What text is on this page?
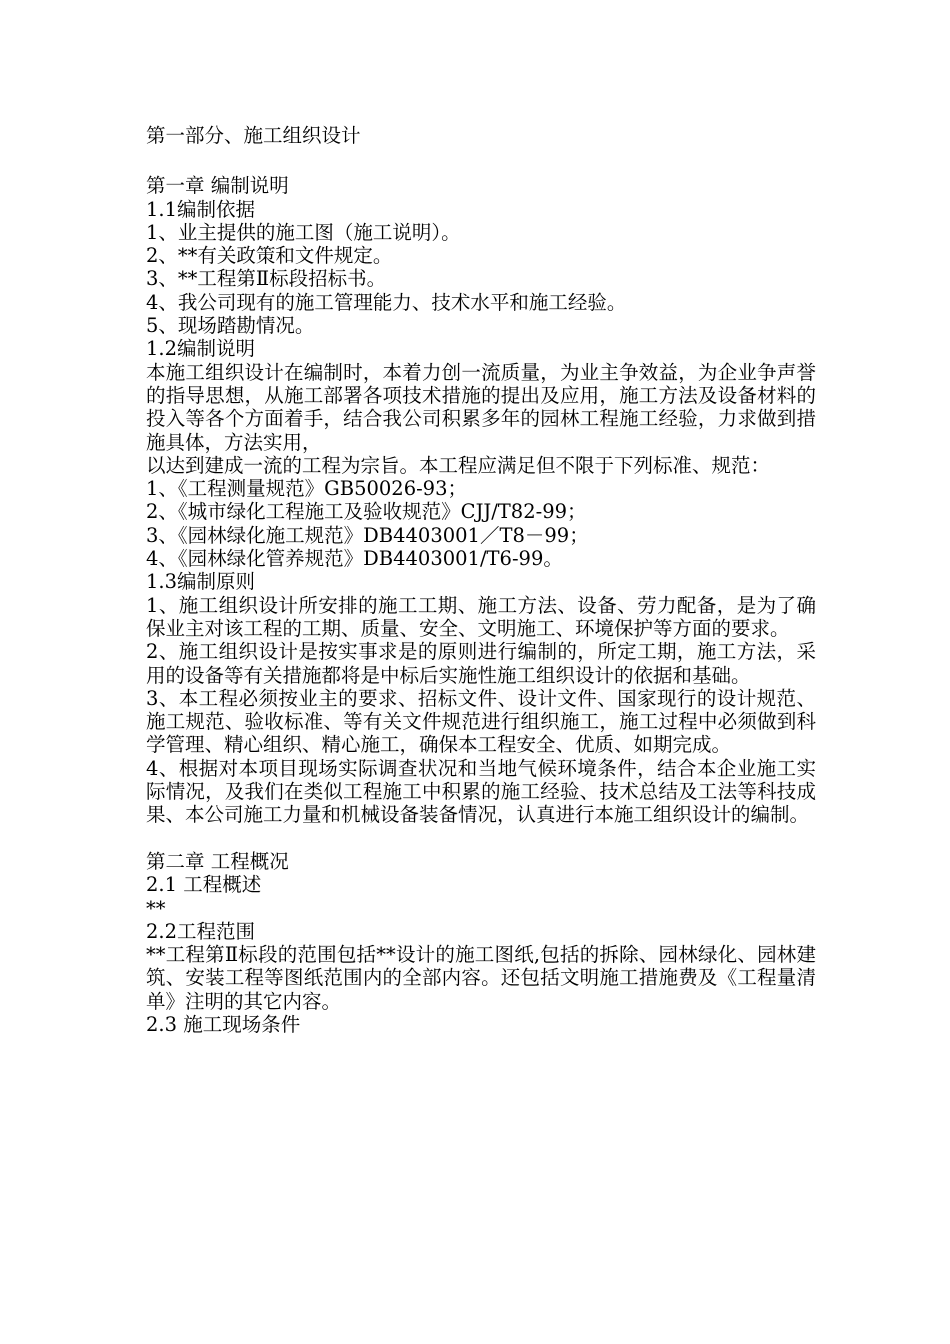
第一部分、施工组织设计
第一章 编制说明
1.1编制依据
1、业主提供的施工图（施工说明）。
2、**有关政策和文件规定。
3、**工程第Ⅱ标段招标书。
4、我公司现有的施工管理能力、技术水平和施工经验。
5、现场踏勘情况。
1.2编制说明
本施工组织设计在编制时，本着力创一流质量，为业主争效益，为企业争声誉的指导思想，从施工部署各项技术措施的提出及应用，施工方法及设备材料的投入等各个方面着手，结合我公司积累多年的园林工程施工经验，力求做到措施具体，方法实用，
以达到建成一流的工程为宗旨。本工程应满足但不限于下列标准、规范：
1、《工程测量规范》GB50026-93；
2、《城市绿化工程施工及验收规范》CJJ/T82-99；
3、《园林绿化施工规范》DB4403001／T8－99；
4、《园林绿化管养规范》DB4403001/T6-99。
1.3编制原则
1、施工组织设计所安排的施工工期、施工方法、设备、劳力配备，是为了确保业主对该工程的工期、质量、安全、文明施工、环境保护等方面的要求。
2、施工组织设计是按实事求是的原则进行编制的，所定工期，施工方法，采用的设备等有关措施都将是中标后实施性施工组织设计的依据和基础。
3、本工程必须按业主的要求、招标文件、设计文件、国家现行的设计规范、施工规范、验收标准、等有关文件规范进行组织施工，施工过程中必须做到科学管理、精心组织、精心施工，确保本工程安全、优质、如期完成。
4、根据对本项目现场实际调查状况和当地气候环境条件，结合本企业施工实际情况，及我们在类似工程施工中积累的施工经验、技术总结及工法等科技成果、本公司施工力量和机械设备装备情况，认真进行本施工组织设计的编制。
第二章 工程概况
2.1 工程概述
**
2.2工程范围
**工程第Ⅱ标段的范围包括**设计的施工图纸,包括的拆除、园林绿化、园林建筑、安装工程等图纸范围内的全部内容。还包括文明施工措施费及《工程量清单》注明的其它内容。
2.3 施工现场条件
